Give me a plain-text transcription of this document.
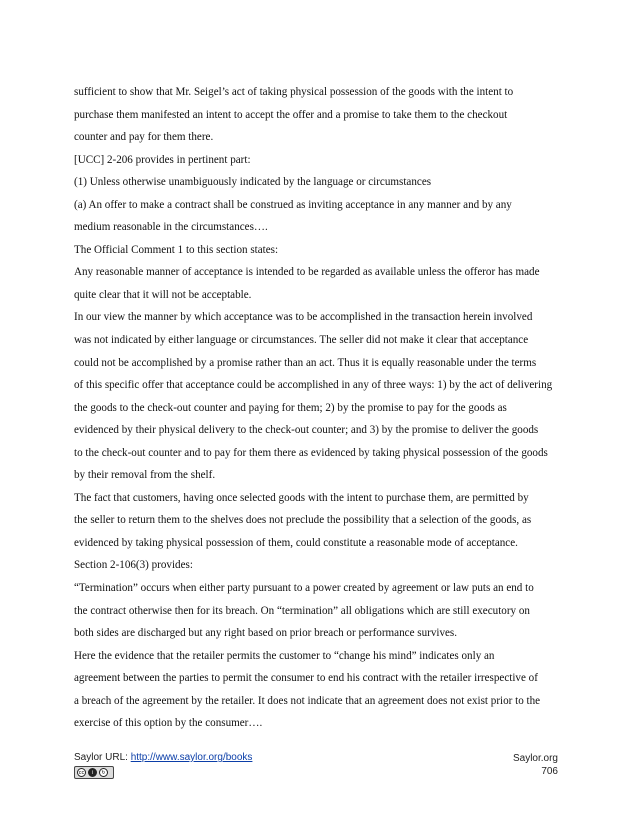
sufficient to show that Mr. Seigel’s act of taking physical possession of the goods with the intent to
purchase them manifested an intent to accept the offer and a promise to take them to the checkout
counter and pay for them there.
[UCC] 2-206 provides in pertinent part:
(1) Unless otherwise unambiguously indicated by the language or circumstances
(a) An offer to make a contract shall be construed as inviting acceptance in any manner and by any
medium reasonable in the circumstances….
The Official Comment 1 to this section states:
Any reasonable manner of acceptance is intended to be regarded as available unless the offeror has made
quite clear that it will not be acceptable.
In our view the manner by which acceptance was to be accomplished in the transaction herein involved
was not indicated by either language or circumstances. The seller did not make it clear that acceptance
could not be accomplished by a promise rather than an act. Thus it is equally reasonable under the terms
of this specific offer that acceptance could be accomplished in any of three ways: 1) by the act of delivering
the goods to the check-out counter and paying for them; 2) by the promise to pay for the goods as
evidenced by their physical delivery to the check-out counter; and 3) by the promise to deliver the goods
to the check-out counter and to pay for them there as evidenced by taking physical possession of the goods
by their removal from the shelf.
The fact that customers, having once selected goods with the intent to purchase them, are permitted by
the seller to return them to the shelves does not preclude the possibility that a selection of the goods, as
evidenced by taking physical possession of them, could constitute a reasonable mode of acceptance.
Section 2-106(3) provides:
“Termination” occurs when either party pursuant to a power created by agreement or law puts an end to
the contract otherwise then for its breach. On “termination” all obligations which are still executory on
both sides are discharged but any right based on prior breach or performance survives.
Here the evidence that the retailer permits the customer to “change his mind” indicates only an
agreement between the parties to permit the consumer to end his contract with the retailer irrespective of
a breach of the agreement by the retailer. It does not indicate that an agreement does not exist prior to the
exercise of this option by the consumer….
Saylor URL: http://www.saylor.org/books
cc	i	↻
Saylor.org
706
